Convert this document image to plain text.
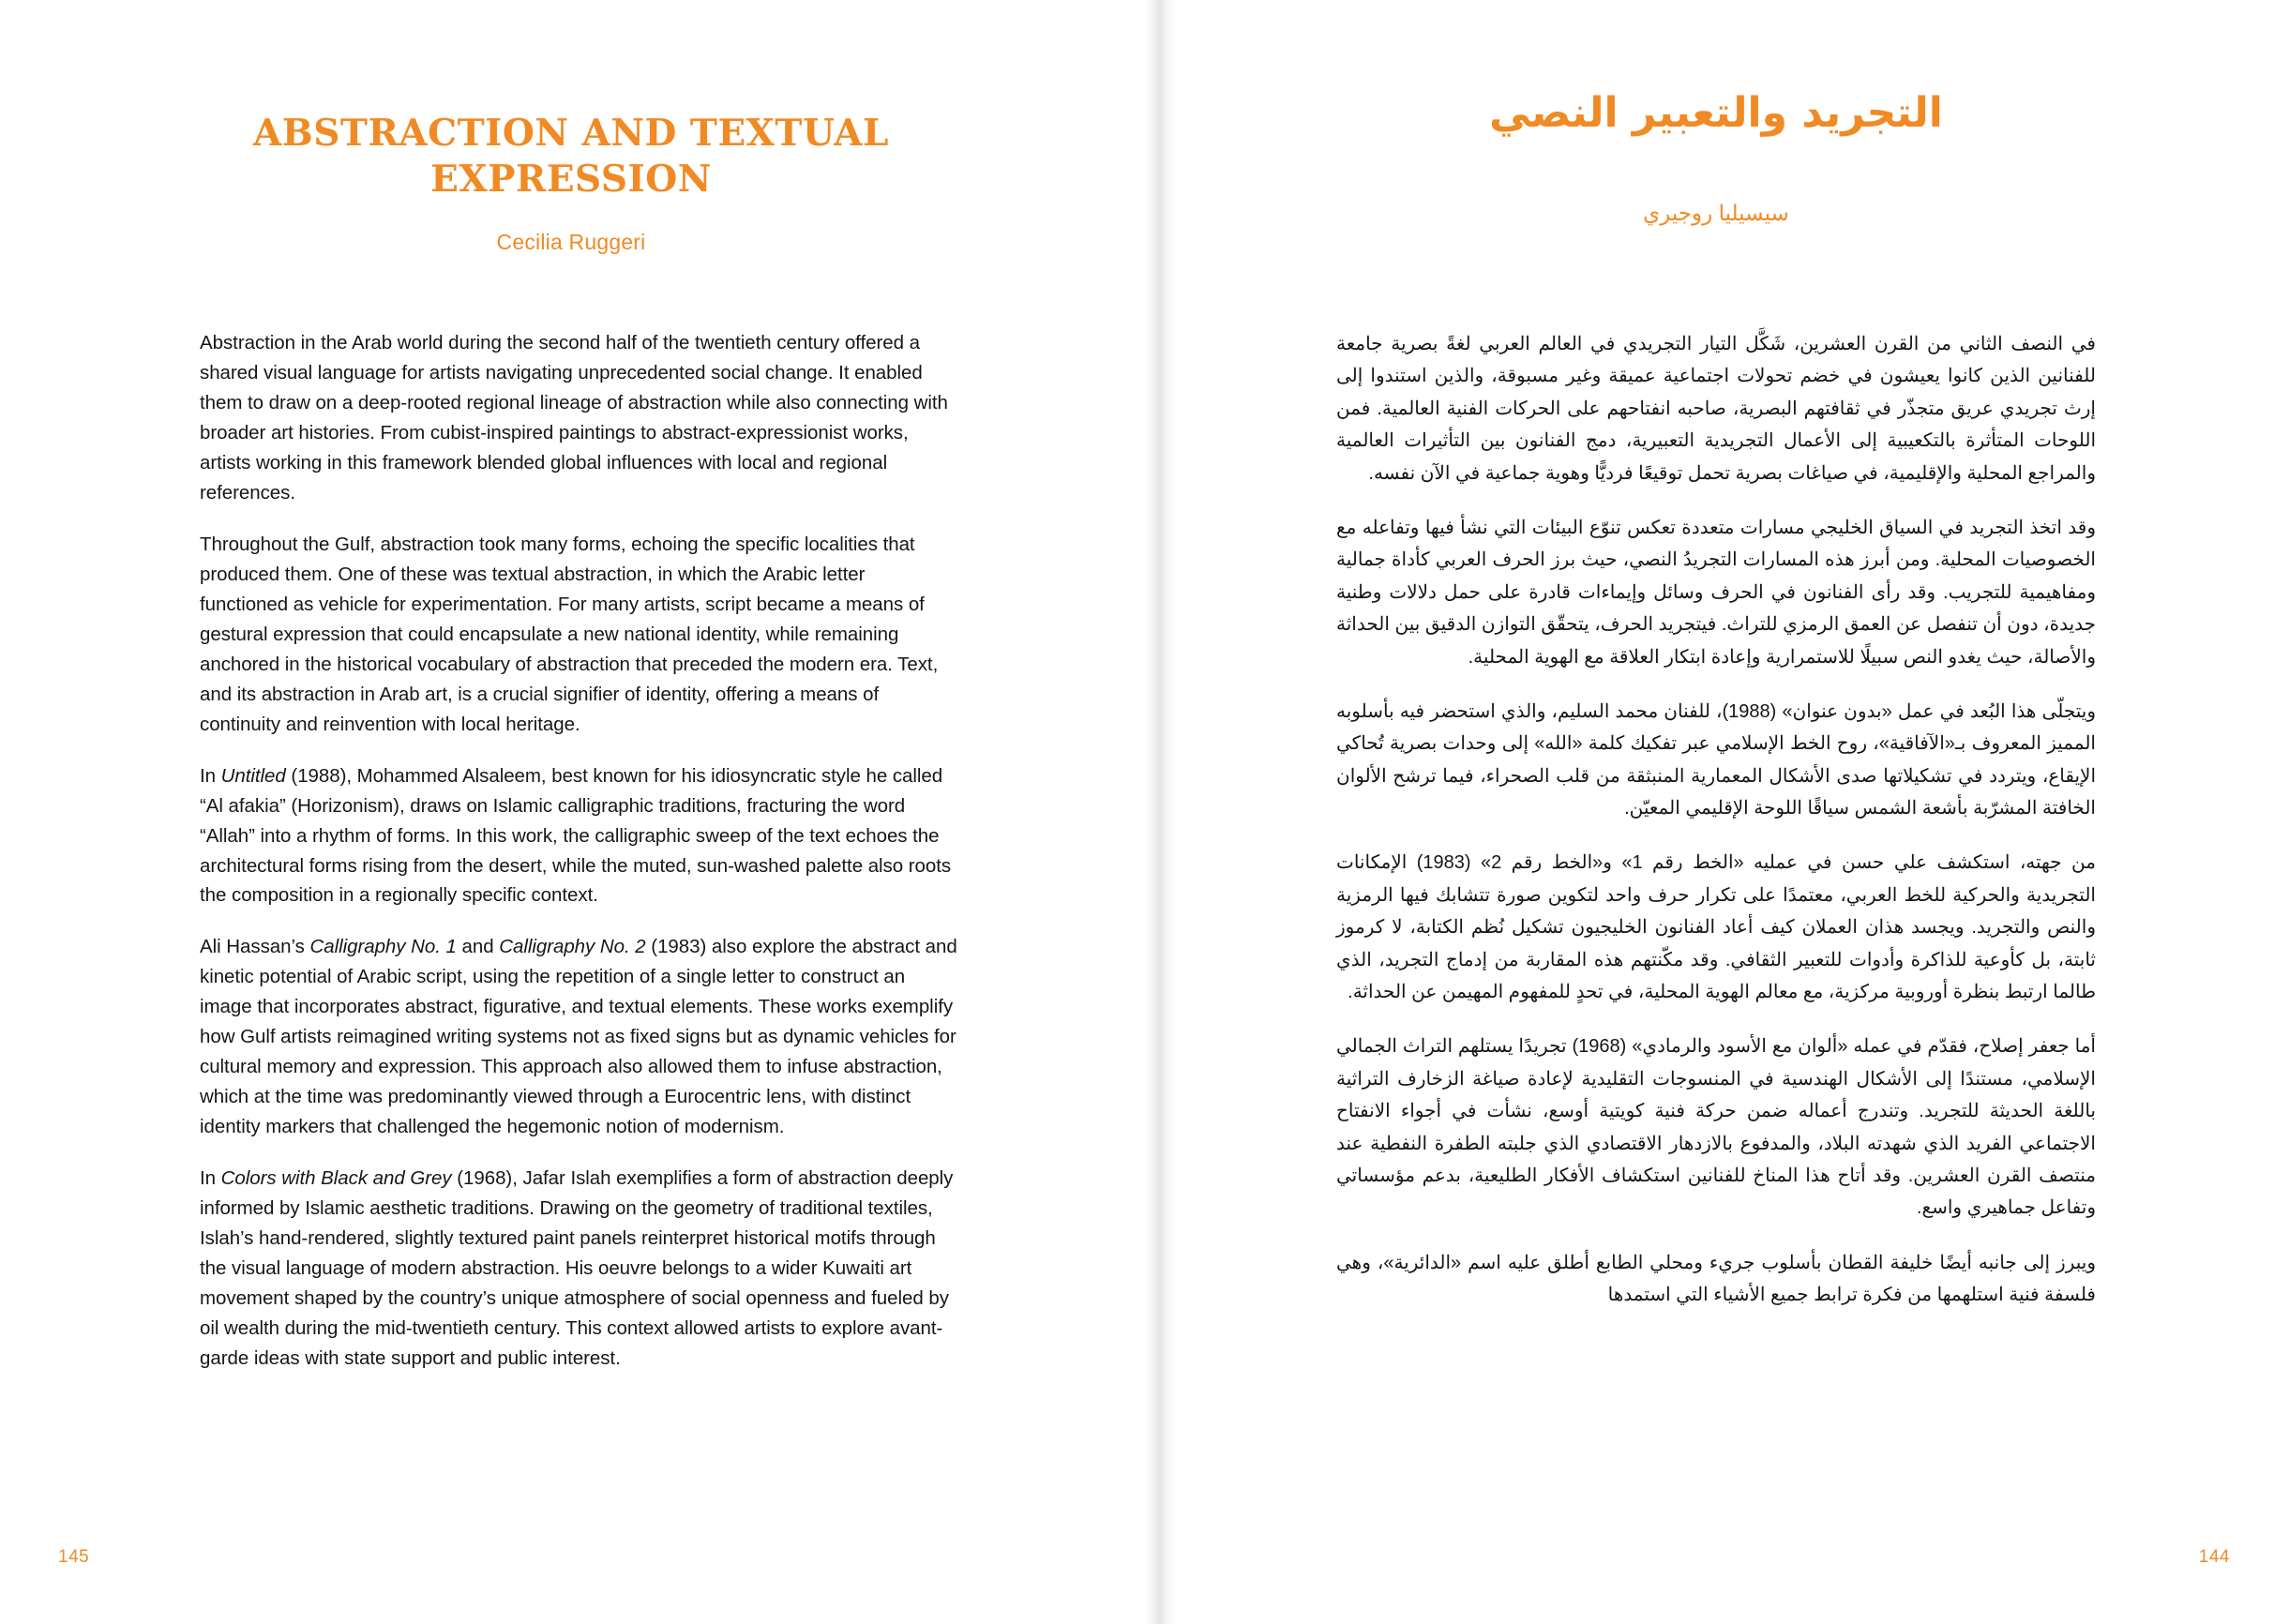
ABSTRACTION AND TEXTUAL EXPRESSION
Cecilia Ruggeri

Abstraction in the Arab world during the second half of the twentieth century offered a shared visual language for artists navigating unprecedented social change. It enabled them to draw on a deep-rooted regional lineage of abstraction while also connecting with broader art histories. From cubist-inspired paintings to abstract-expressionist works, artists working in this framework blended global influences with local and regional references.

Throughout the Gulf, abstraction took many forms, echoing the specific localities that produced them. One of these was textual abstraction, in which the Arabic letter functioned as vehicle for experimentation. For many artists, script became a means of gestural expression that could encapsulate a new national identity, while remaining anchored in the historical vocabulary of abstraction that preceded the modern era. Text, and its abstraction in Arab art, is a crucial signifier of identity, offering a means of continuity and reinvention with local heritage.

In Untitled (1988), Mohammed Alsaleem, best known for his idiosyncratic style he called “Al afakia” (Horizonism), draws on Islamic calligraphic traditions, fracturing the word “Allah” into a rhythm of forms. In this work, the calligraphic sweep of the text echoes the architectural forms rising from the desert, while the muted, sun-washed palette also roots the composition in a regionally specific context.

Ali Hassan’s Calligraphy No. 1 and Calligraphy No. 2 (1983) also explore the abstract and kinetic potential of Arabic script, using the repetition of a single letter to construct an image that incorporates abstract, figurative, and textual elements. These works exemplify how Gulf artists reimagined writing systems not as fixed signs but as dynamic vehicles for cultural memory and expression. This approach also allowed them to infuse abstraction, which at the time was predominantly viewed through a Eurocentric lens, with distinct identity markers that challenged the hegemonic notion of modernism.

In Colors with Black and Grey (1968), Jafar Islah exemplifies a form of abstraction deeply informed by Islamic aesthetic traditions. Drawing on the geometry of traditional textiles, Islah’s hand-rendered, slightly textured paint panels reinterpret historical motifs through the visual language of modern abstraction. His oeuvre belongs to a wider Kuwaiti art movement shaped by the country’s unique atmosphere of social openness and fueled by oil wealth during the mid-twentieth century. This context allowed artists to explore avant-garde ideas with state support and public interest.

145
التجريد والتعبير النصي
سيسيليا روجيري

في النصف الثاني من القرن العشرين، شَكَّل التيار التجريدي في العالم العربي لغةً بصرية جامعة للفنانين الذين كانوا يعيشون في خضم تحولات اجتماعية عميقة وغير مسبوقة، والذين استندوا إلى إرث تجريدي عريق متجذّر في ثقافتهم البصرية، صاحبه انفتاحهم على الحركات الفنية العالمية. فمن اللوحات المتأثرة بالتكعيبية إلى الأعمال التجريدية التعبيرية، دمج الفنانون بين التأثيرات العالمية والمراجع المحلية والإقليمية، في صياغات بصرية تحمل توقيعًا فرديًّا وهوية جماعية في الآن نفسه.

وقد اتخذ التجريد في السياق الخليجي مسارات متعددة تعكس تنوّع البيئات التي نشأ فيها وتفاعله مع الخصوصيات المحلية. ومن أبرز هذه المسارات التجريدُ النصي، حيث برز الحرف العربي كأداة جمالية ومفاهيمية للتجريب. وقد رأى الفنانون في الحرف وسائل وإيماءات قادرة على حمل دلالات وطنية جديدة، دون أن تنفصل عن العمق الرمزي للتراث. فيتجريد الحرف، يتحقّق التوازن الدقيق بين الحداثة والأصالة، حيث يغدو النص سبيلًا للاستمرارية وإعادة ابتكار العلاقة مع الهوية المحلية.

ويتجلّى هذا البُعد في عمل «بدون عنوان» (1988)، للفنان محمد السليم، والذي استحضر فيه بأسلوبه المميز المعروف بـ«الآفاقية»، روح الخط الإسلامي عبر تفكيك كلمة «الله» إلى وحدات بصرية تُحاكي الإيقاع، ويتردد في تشكيلاتها صدى الأشكال المعمارية المنبثقة من قلب الصحراء، فيما ترشح الألوان الخافتة المشرّبة بأشعة الشمس سياقًا اللوحة الإقليمي المعيّن.

من جهته، استكشف علي حسن في عمليه «الخط رقم 1» و«الخط رقم 2» (1983) الإمكانات التجريدية والحركية للخط العربي، معتمدًا على تكرار حرف واحد لتكوين صورة تتشابك فيها الرمزية والنص والتجريد. ويجسد هذان العملان كيف أعاد الفنانون الخليجيون تشكيل نُظم الكتابة، لا كرموز ثابتة، بل كأوعية للذاكرة وأدوات للتعبير الثقافي. وقد مكّنتهم هذه المقاربة من إدماج التجريد، الذي طالما ارتبط بنظرة أوروبية مركزية، مع معالم الهوية المحلية، في تحدٍ للمفهوم المهيمن عن الحداثة.

أما جعفر إصلاح، فقدّم في عمله «ألوان مع الأسود والرمادي» (1968) تجريدًا يستلهم التراث الجمالي الإسلامي، مستندًا إلى الأشكال الهندسية في المنسوجات التقليدية لإعادة صياغة الزخارف التراثية باللغة الحديثة للتجريد. وتندرج أعماله ضمن حركة فنية كويتية أوسع، نشأت في أجواء الانفتاح الاجتماعي الفريد الذي شهدته البلاد، والمدفوع بالازدهار الاقتصادي الذي جلبته الطفرة النفطية عند منتصف القرن العشرين. وقد أتاح هذا المناخ للفنانين استكشاف الأفكار الطليعية، بدعم مؤسساتي وتفاعل جماهيري واسع.

ويبرز إلى جانبه أيضًا خليفة القطان بأسلوب جريء ومحلي الطابع أطلق عليه اسم «الدائرية»، وهي فلسفة فنية استلهمها من فكرة ترابط جميع الأشياء التي استمدها

144
